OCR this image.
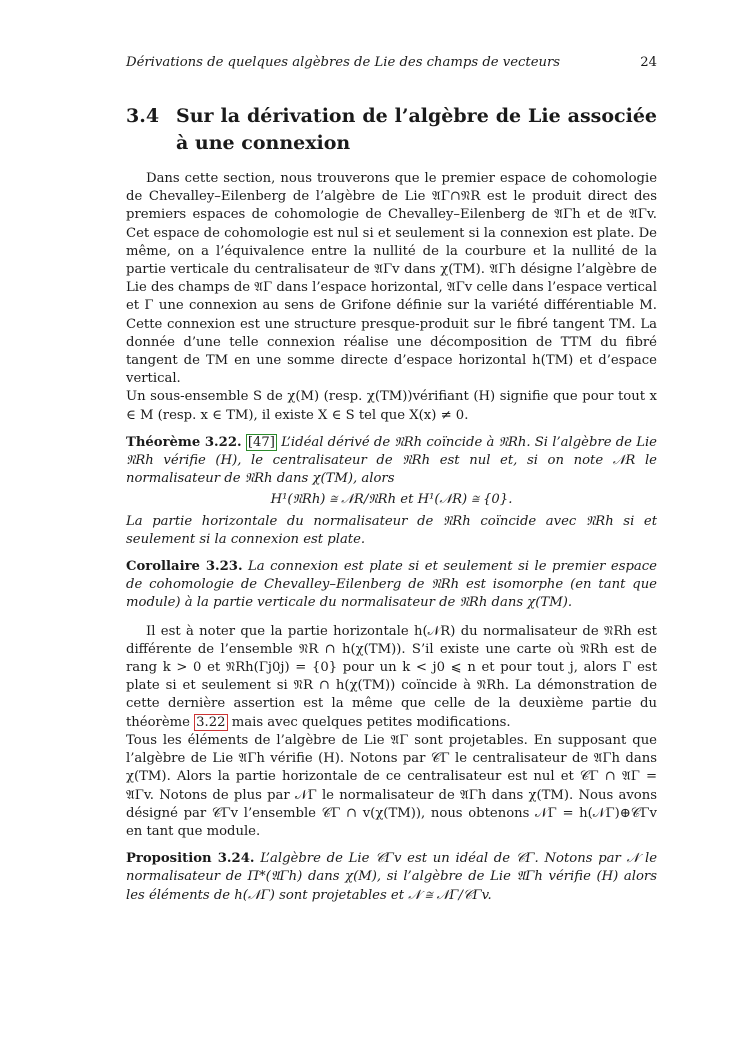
Dérivations de quelques algèbres de Lie des champs de vecteurs	24
3.4 Sur la dérivation de l’algèbre de Lie associée à une connexion

Dans cette section, nous trouverons que le premier espace de cohomologie de Chevalley–Eilenberg de l’algèbre de Lie 𝔄Γ∩𝔑R est le produit direct des premiers espaces de cohomologie de Chevalley–Eilenberg de 𝔄Γh et de 𝔄Γv. Cet espace de cohomologie est nul si et seulement si la connexion est plate. De même, on a l’équivalence entre la nullité de la courbure et la nullité de la partie verticale du centralisateur de 𝔄Γv dans χ(TM). 𝔄Γh désigne l’algèbre de Lie des champs de 𝔄Γ dans l’espace horizontal, 𝔄Γv celle dans l’espace vertical et Γ une connexion au sens de Grifone définie sur la variété différentiable M. Cette connexion est une structure presque-produit sur le fibré tangent TM. La donnée d’une telle connexion réalise une décomposition de TTM du fibré tangent de TM en une somme directe d’espace horizontal h(TM) et d’espace vertical.

Un sous-ensemble S de χ(M) (resp. χ(TM))vérifiant (H) signifie que pour tout x ∈ M (resp. x ∈ TM), il existe X ∈ S tel que X(x) ≠ 0.

Théorème 3.22. [47] L’idéal dérivé de 𝔑Rh coïncide à 𝔑Rh. Si l’algèbre de Lie 𝔑Rh vérifie (H), le centralisateur de 𝔑Rh est nul et, si on note 𝒩R le normalisateur de 𝔑Rh dans χ(TM), alors

H¹(𝔑Rh) ≅ 𝒩R/𝔑Rh et H¹(𝒩R) ≅ {0}.

La partie horizontale du normalisateur de 𝔑Rh coïncide avec 𝔑Rh si et seulement si la connexion est plate.

Corollaire 3.23. La connexion est plate si et seulement si le premier espace de cohomologie de Chevalley–Eilenberg de 𝔑Rh est isomorphe (en tant que module) à la partie verticale du normalisateur de 𝔑Rh dans χ(TM).

Il est à noter que la partie horizontale h(𝒩R) du normalisateur de 𝔑Rh est différente de l’ensemble 𝔑R ∩ h(χ(TM)). S’il existe une carte où 𝔑Rh est de rang k > 0 et 𝔑Rh(Γj0j) = {0} pour un k < j0 ⩽ n et pour tout j, alors Γ est plate si et seulement si 𝔑R ∩ h(χ(TM)) coïncide à 𝔑Rh. La démonstration de cette dernière assertion est la même que celle de la deuxième partie du théorème 3.22 mais avec quelques petites modifications.

Tous les éléments de l’algèbre de Lie 𝔄Γ sont projetables. En supposant que l’algèbre de Lie 𝔄Γh vérifie (H). Notons par 𝒞Γ le centralisateur de 𝔄Γh dans χ(TM). Alors la partie horizontale de ce centralisateur est nul et 𝒞Γ ∩ 𝔄Γ = 𝔄Γv. Notons de plus par 𝒩Γ le normalisateur de 𝔄Γh dans χ(TM). Nous avons désigné par 𝒞Γv l’ensemble 𝒞Γ ∩ v(χ(TM)), nous obtenons 𝒩Γ = h(𝒩Γ)⊕𝒞Γv en tant que module.

Proposition 3.24. L’algèbre de Lie 𝒞Γv est un idéal de 𝒞Γ. Notons par 𝒩 le normalisateur de Π*(𝔄Γh) dans χ(M), si l’algèbre de Lie 𝔄Γh vérifie (H) alors les éléments de h(𝒩Γ) sont projetables et 𝒩 ≅ 𝒩Γ/𝒞Γv.
